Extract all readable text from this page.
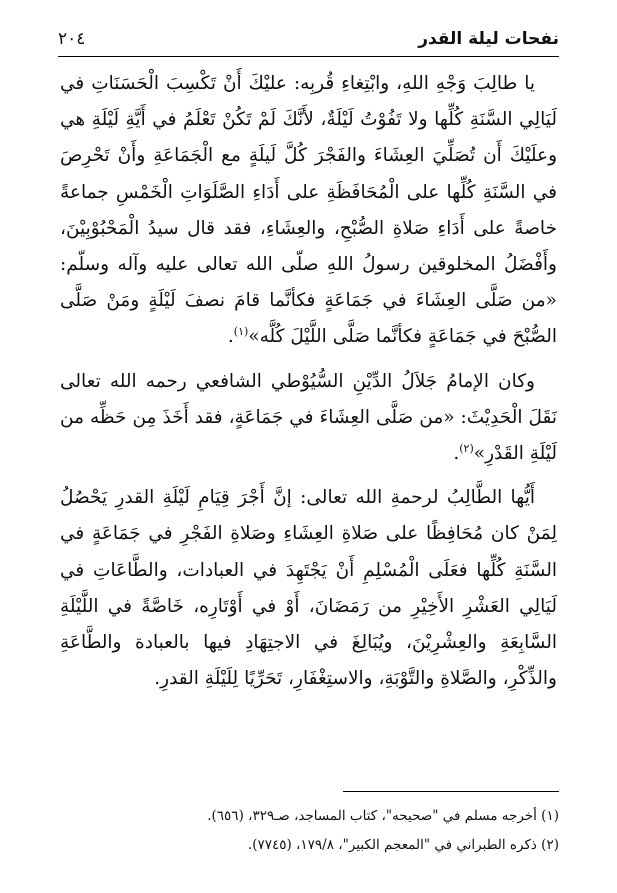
نفحات ليلة القدر
٢٠٤

يا طالِبَ وَجْهِ اللهِ، وابْتِغاءِ قُربِه: عليْكَ أَنْ تَكْسِبَ الْحَسَنَاتِ في لَيَالِي السَّنَةِ كُلِّها ولا تَفُوْتُ لَيْلَةٌ، لأَنَّكَ لَمْ تَكُنْ تَعْلَمُ في أَيَّةِ لَيْلَةِ هي وعلَيْكَ أَن تُصَلِّيَ العِشَاءَ والفَجْرَ كُلَّ لَيلَةٍ مع الْجَمَاعَةِ وأَنْ تَحْرِصَ في السَّنَةِ كُلِّها على الْمُحَافَظَةِ على أَدَاءِ الصَّلَوَاتِ الْخَمْسِ جماعةً خاصةً على أَدَاءِ صَلاةِ الصُّبْحِ، والعِشَاءِ، فقد قال سيدُ الْمَحْبُوْبِيْنَ، وأَفْضَلُ المخلوقين رسولُ اللهِ صلّى الله تعالى عليه وآله وسلّم: «من صَلَّى العِشَاءَ في جَمَاعَةٍ فكأنَّما قامَ نصفَ لَيْلَةٍ ومَنْ صَلَّى الصُّبْحَ في جَمَاعَةٍ فكأنَّما صَلَّى اللَّيْلَ كُلَّه»$^{(١)}$.

وكان الإمامُ جَلاَلُ الدِّيْنِ السُّيُوْطي الشافعي رحمه الله تعالى نَقَلَ الْحَدِيْثَ: «من صَلَّى العِشَاءَ في جَمَاعَةٍ، فقد أَخَذَ مِن حَظِّه من لَيْلَةِ القَدْرِ»$^{(٢)}$.

أَيُّها الطَّالِبُ لرحمةِ الله تعالى: إنَّ أَجْرَ قِيَامِ لَيْلَةِ القدرِ يَحْصُلُ لِمَنْ كان مُحَافِظًا على صَلاةِ العِشَاءِ وصَلاةِ الفَجْرِ في جَمَاعَةٍ في السَّنَةِ كُلِّها فعَلَى الْمُسْلِمِ أَنْ يَجْتَهِدَ في العبادات، والطَّاعَاتِ في لَيَالِي العَشْرِ الأَخِيْرِ من رَمَضَانَ، أَوْ في أَوْتَارِه، خَاصَّةً في اللَّيْلَةِ السَّابِعَةِ والعِشْرِيْنَ، ويُبَالِغَ في الاجتِهَادِ فيها بالعبادة والطَّاعَةِ والذِّكْرِ، والصَّلاةِ والتَّوْبَةِ، والاستِغْفَارِ، تَحَرِّيًا لِلَيْلَةِ القدرِ.

(١) أخرجه مسلم في "صحيحه"، كتاب المساجد، صـ٣٢٩، (٦٥٦).

(٢) ذكره الطبراني في "المعجم الكبير"، ١٧٩/٨، (٧٧٤٥).
